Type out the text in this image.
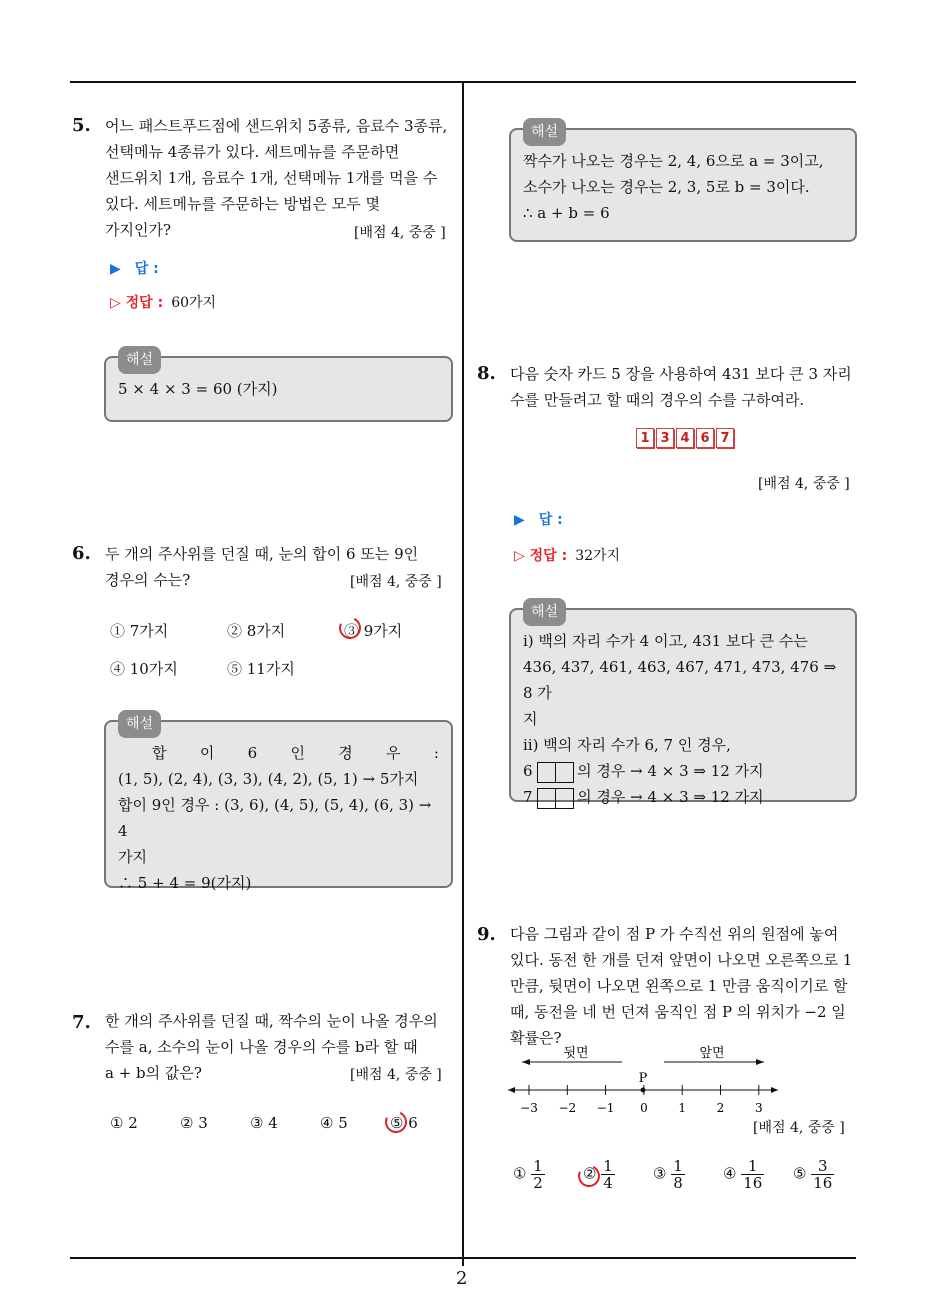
2
5. 어느 패스트푸드점에 샌드위치 5종류, 음료수 3종류,
선택메뉴 4종류가 있다. 세트메뉴를 주문하면
샌드위치 1개, 음료수 1개, 선택메뉴 1개를 먹을 수
있다. 세트메뉴를 주문하는 방법은 모두 몇
가지인가?	[배점 4, 중중 ]
▶ 답 :
▷ 정답 : 60가지
해설
5 × 4 × 3 = 60 (가지)
6. 두 개의 주사위를 던질 때, 눈의 합이 6 또는 9인
경우의 수는?	[배점 4, 중중 ]
① 7가지	② 8가지	③ 9가지
④ 10가지	⑤ 11가지
해설
합 이 6 인 경 우 :
(1, 5), (2, 4), (3, 3), (4, 2), (5, 1) → 5가지
합이 9인 경우 : (3, 6), (4, 5), (5, 4), (6, 3) → 4
가지
∴ 5 + 4 = 9(가지)
7. 한 개의 주사위를 던질 때, 짝수의 눈이 나올 경우의
수를 a, 소수의 눈이 나올 경우의 수를 b라 할 때
a + b의 값은?	[배점 4, 중중 ]
① 2	② 3	③ 4	④ 5	⑤ 6
해설
짝수가 나오는 경우는 2, 4, 6으로 a = 3이고,
소수가 나오는 경우는 2, 3, 5로 b = 3이다.
∴ a + b = 6
8. 다음 숫자 카드 5 장을 사용하여 431 보다 큰 3 자리
수를 만들려고 할 때의 경우의 수를 구하여라.
1 3 4 6 7
[배점 4, 중중 ]
▶ 답 :
▷ 정답 : 32가지
해설
ⅰ) 백의 자리 수가 4 이고, 431 보다 큰 수는
436, 437, 461, 463, 467, 471, 473, 476 ⇒ 8 가
지
ⅱ) 백의 자리 수가 6, 7 인 경우,
6	의 경우 → 4 × 3 ⇒ 12 가지
7	의 경우 → 4 × 3 ⇒ 12 가지
9. 다음 그림과 같이 점 P 가 수직선 위의 원점에 놓여
있다. 동전 한 개를 던져 앞면이 나오면 오른쪽으로 1
만큼, 뒷면이 나오면 왼쪽으로 1 만큼 움직이기로 할
때, 동전을 네 번 던져 움직인 점 P 의 위치가 −2 일
확률은?
뒷면	앞면
P
−3 −2 −1 0	1	2	3
[배점 4, 중중 ]
① $\frac{1}{2}$	② $\frac{1}{4}$	③ $\frac{1}{8}$	④ $\frac{1}{16}$ ⑤ $\frac{3}{16}$
